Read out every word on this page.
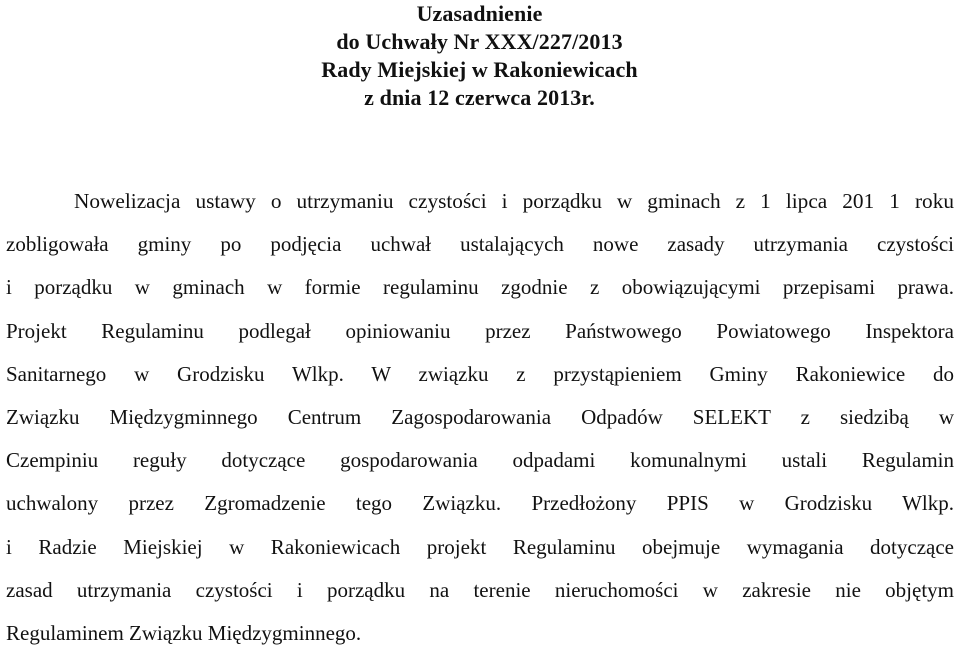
Uzasadnienie
do Uchwały Nr XXX/227/2013
Rady Miejskiej w Rakoniewicach
z dnia 12 czerwca 2013r.
Nowelizacja ustawy o utrzymaniu czystości i porządku w gminach z 1 lipca 201 1 roku
zobligowała gminy po podjęcia uchwał ustalających nowe zasady utrzymania czystości
i porządku w gminach w formie regulaminu zgodnie z obowiązującymi przepisami prawa.
Projekt Regulaminu podlegał opiniowaniu przez Państwowego Powiatowego Inspektora
Sanitarnego w Grodzisku Wlkp. W związku z przystąpieniem Gminy Rakoniewice do
Związku Międzygminnego Centrum Zagospodarowania Odpadów SELEKT z siedzibą w
Czempiniu reguły dotyczące gospodarowania odpadami komunalnymi ustali Regulamin
uchwalony przez Zgromadzenie tego Związku. Przedłożony PPIS w Grodzisku Wlkp.
i Radzie Miejskiej w Rakoniewicach projekt Regulaminu obejmuje wymagania dotyczące
zasad utrzymania czystości i porządku na terenie nieruchomości w zakresie nie objętym
Regulaminem Związku Międzygminnego.
